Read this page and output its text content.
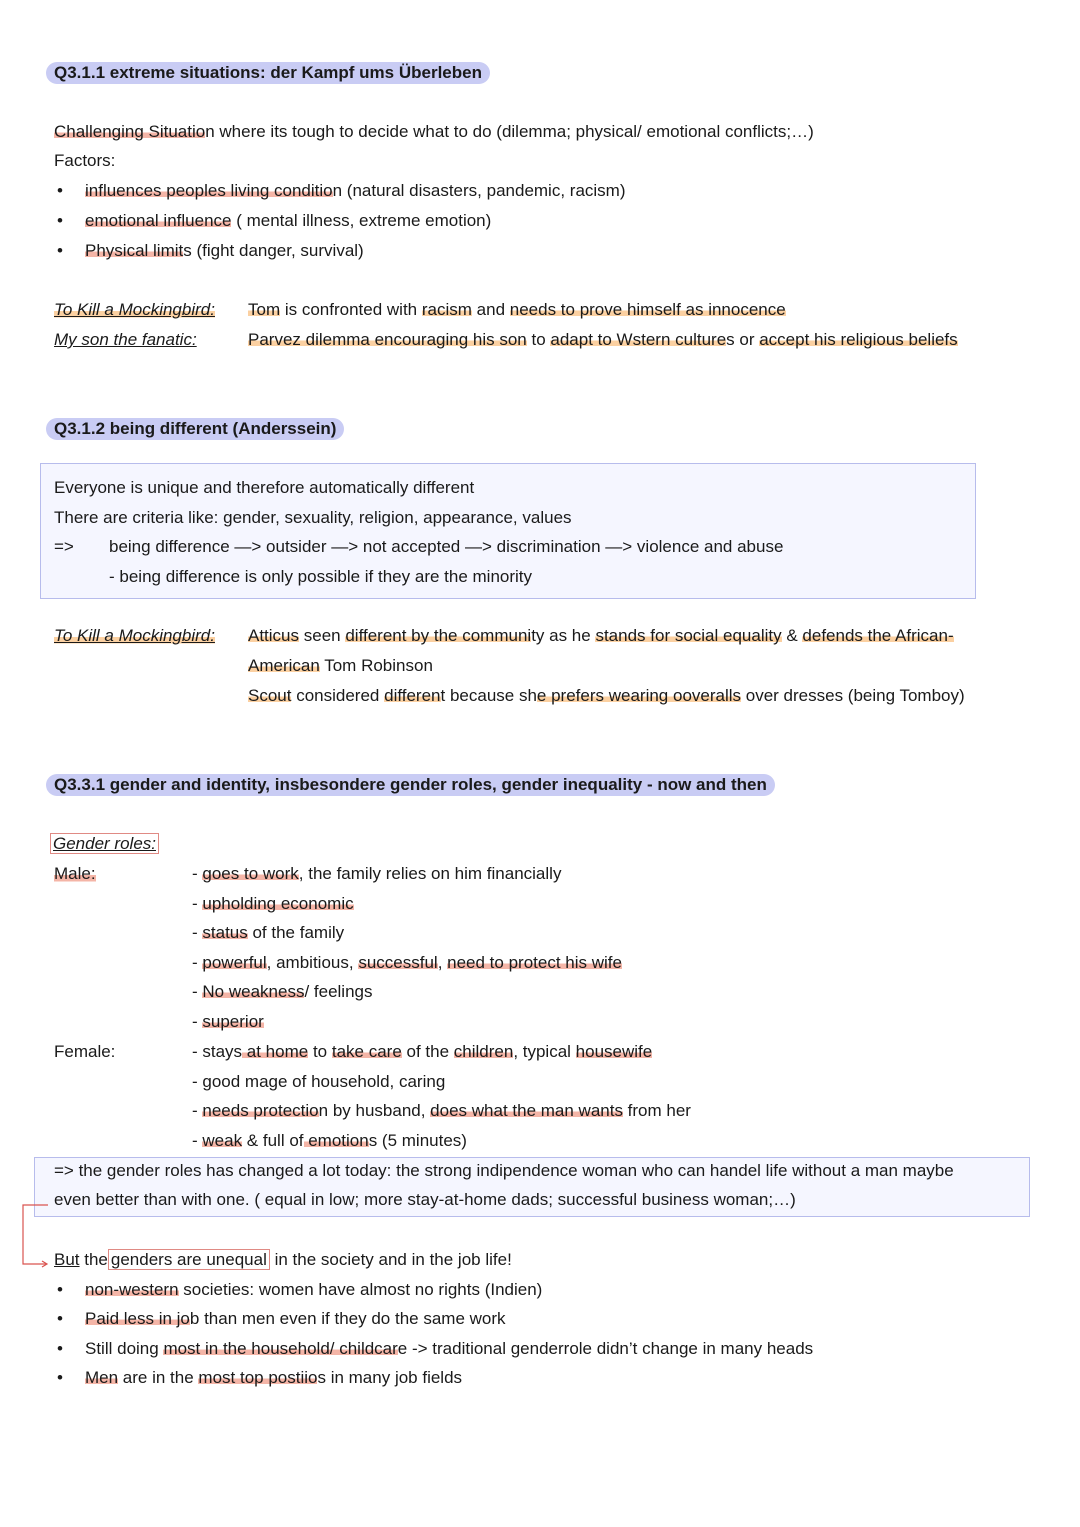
Q3.1.1 extreme situations: der Kampf ums Überleben
Challenging Situation where its tough to decide what to do (dilemma; physical/ emotional conflicts;…)
Factors:
• influences peoples living condition (natural disasters, pandemic, racism)
• emotional influence ( mental illness, extreme emotion)
• Physical limits (fight danger, survival)
To Kill a Mockingbird: Tom is confronted with racism and needs to prove himself as innocence
My son the fanatic:	Parvez dilemma encouraging his son to adapt to Wstern cultures or accept his religious beliefs
Q3.1.2 being different (Anderssein)
Everyone is unique and therefore automatically different
There are criteria like: gender, sexuality, religion, appearance, values
=> being difference —> outsider —> not accepted —> discrimination —> violence and abuse
- being difference is only possible if they are the minority
To Kill a Mockingbird: Atticus seen different by the community as he stands for social equality & defends the African-
American Tom Robinson
Scout considered different because she prefers wearing ooveralls over dresses (being Tomboy)
Q3.3.1 gender and identity, insbesondere gender roles, gender inequality - now and then
Gender roles:
Male:	- goes to work, the family relies on him financially
- upholding economic
- status of the family
- powerful, ambitious, successful, need to protect his wife
- No weakness/ feelings
- superior
Female:	- stays at home to take care of the children, typical housewife
- good mage of household, caring
- needs protection by husband, does what the man wants from her
- weak & full of emotions (5 minutes)
=> the gender roles has changed a lot today: the strong indipendence woman who can handel life without a man maybe
even better than with one. ( equal in low; more stay-at-home dads; successful business woman;…)
But the genders are unequal in the society and in the job life!
• non-western societies: women have almost no rights (Indien)
• Paid less in job than men even if they do the same work
• Still doing most in the household/ childcare -> traditional genderrole didn’t change in many heads
• Men are in the most top postiios in many job fields
